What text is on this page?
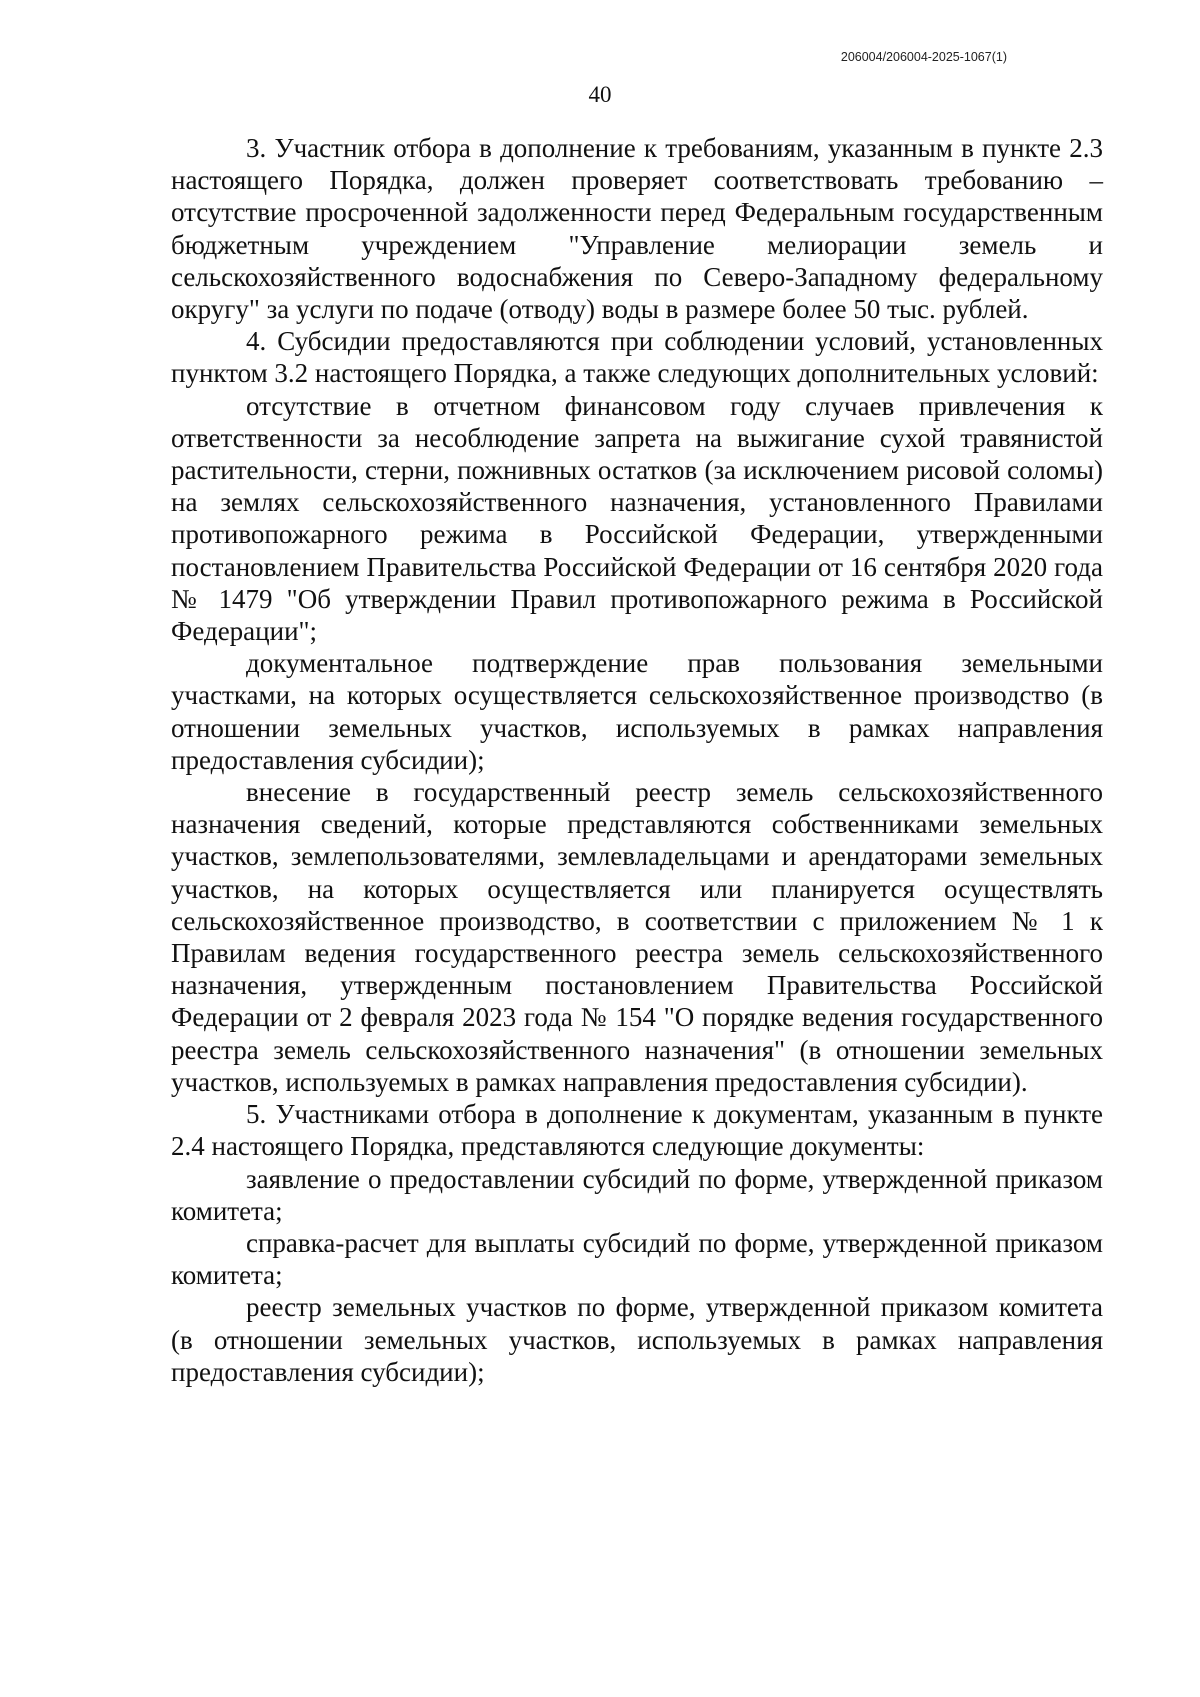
206004/206004-2025-1067(1)
40

3. Участник отбора в дополнение к требованиям, указанным в пункте 2.3 настоящего Порядка, должен проверяет соответствовать требованию – отсутствие просроченной задолженности перед Федеральным государственным бюджетным учреждением "Управление мелиорации земель и сельскохозяйственного водоснабжения по Северо-Западному федеральному округу" за услуги по подаче (отводу) воды в размере более 50 тыс. рублей.

4. Субсидии предоставляются при соблюдении условий, установленных пунктом 3.2 настоящего Порядка, а также следующих дополнительных условий:

отсутствие в отчетном финансовом году случаев привлечения к ответственности за несоблюдение запрета на выжигание сухой травянистой растительности, стерни, пожнивных остатков (за исключением рисовой соломы) на землях сельскохозяйственного назначения, установленного Правилами противопожарного режима в Российской Федерации, утвержденными постановлением Правительства Российской Федерации от 16 сентября 2020 года № 1479 "Об утверждении Правил противопожарного режима в Российской Федерации";

документальное подтверждение прав пользования земельными участками, на которых осуществляется сельскохозяйственное производство (в отношении земельных участков, используемых в рамках направления предоставления субсидии);

внесение в государственный реестр земель сельскохозяйственного назначения сведений, которые представляются собственниками земельных участков, землепользователями, землевладельцами и арендаторами земельных участков, на которых осуществляется или планируется осуществлять сельскохозяйственное производство, в соответствии с приложением № 1 к Правилам ведения государственного реестра земель сельскохозяйственного назначения, утвержденным постановлением Правительства Российской Федерации от 2 февраля 2023 года № 154 "О порядке ведения государственного реестра земель сельскохозяйственного назначения" (в отношении земельных участков, используемых в рамках направления предоставления субсидии).

5. Участниками отбора в дополнение к документам, указанным в пункте 2.4 настоящего Порядка, представляются следующие документы:

заявление о предоставлении субсидий по форме, утвержденной приказом комитета;

справка-расчет для выплаты субсидий по форме, утвержденной приказом комитета;

реестр земельных участков по форме, утвержденной приказом комитета (в отношении земельных участков, используемых в рамках направления предоставления субсидии);
